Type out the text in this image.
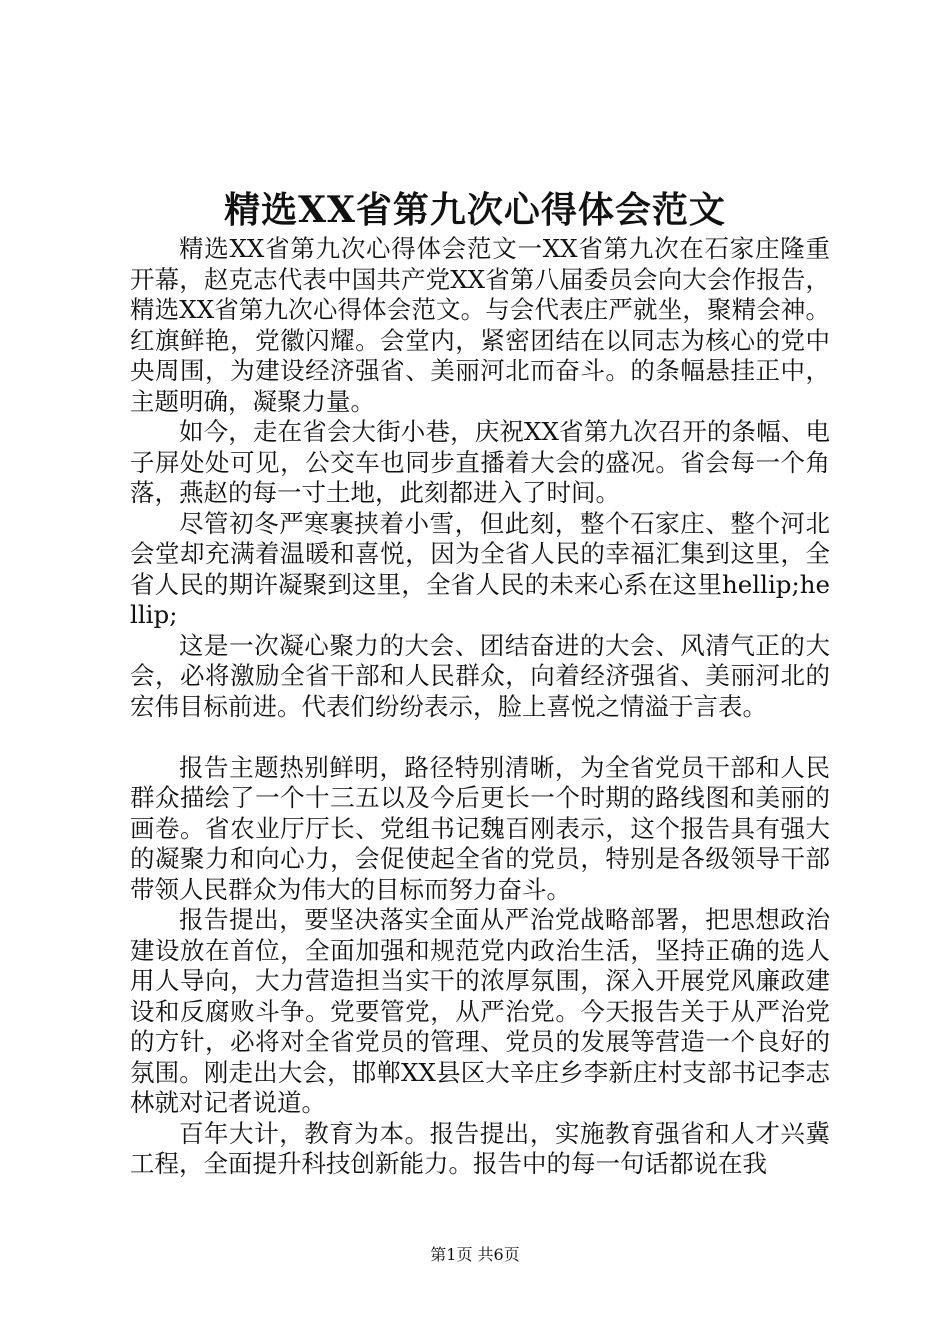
精选XX省第九次心得体会范文

精选XX省第九次心得体会范文一XX省第九次在石家庄隆重开幕，赵克志代表中国共产党XX省第八届委员会向大会作报告，精选XX省第九次心得体会范文。与会代表庄严就坐，聚精会神。红旗鲜艳，党徽闪耀。会堂内，紧密团结在以同志为核心的党中央周围，为建设经济强省、美丽河北而奋斗。的条幅悬挂正中，主题明确，凝聚力量。

如今，走在省会大街小巷，庆祝XX省第九次召开的条幅、电子屏处处可见，公交车也同步直播着大会的盛况。省会每一个角落，燕赵的每一寸土地，此刻都进入了时间。

尽管初冬严寒裹挟着小雪，但此刻，整个石家庄、整个河北会堂却充满着温暖和喜悦，因为全省人民的幸福汇集到这里，全省人民的期许凝聚到这里，全省人民的未来心系在这里hellip;hellip;

这是一次凝心聚力的大会、团结奋进的大会、风清气正的大会，必将激励全省干部和人民群众，向着经济强省、美丽河北的宏伟目标前进。代表们纷纷表示，脸上喜悦之情溢于言表。

报告主题热别鲜明，路径特别清晰，为全省党员干部和人民群众描绘了一个十三五以及今后更长一个时期的路线图和美丽的画卷。省农业厅厅长、党组书记魏百刚表示，这个报告具有强大的凝聚力和向心力，会促使起全省的党员，特别是各级领导干部带领人民群众为伟大的目标而努力奋斗。

报告提出，要坚决落实全面从严治党战略部署，把思想政治建设放在首位，全面加强和规范党内政治生活，坚持正确的选人用人导向，大力营造担当实干的浓厚氛围，深入开展党风廉政建设和反腐败斗争。党要管党，从严治党。今天报告关于从严治党的方针，必将对全省党员的管理、党员的发展等营造一个良好的氛围。刚走出大会，邯郸XX县区大辛庄乡李新庄村支部书记李志林就对记者说道。

百年大计，教育为本。报告提出，实施教育强省和人才兴冀工程，全面提升科技创新能力。报告中的每一句话都说在我

第1页 共6页
